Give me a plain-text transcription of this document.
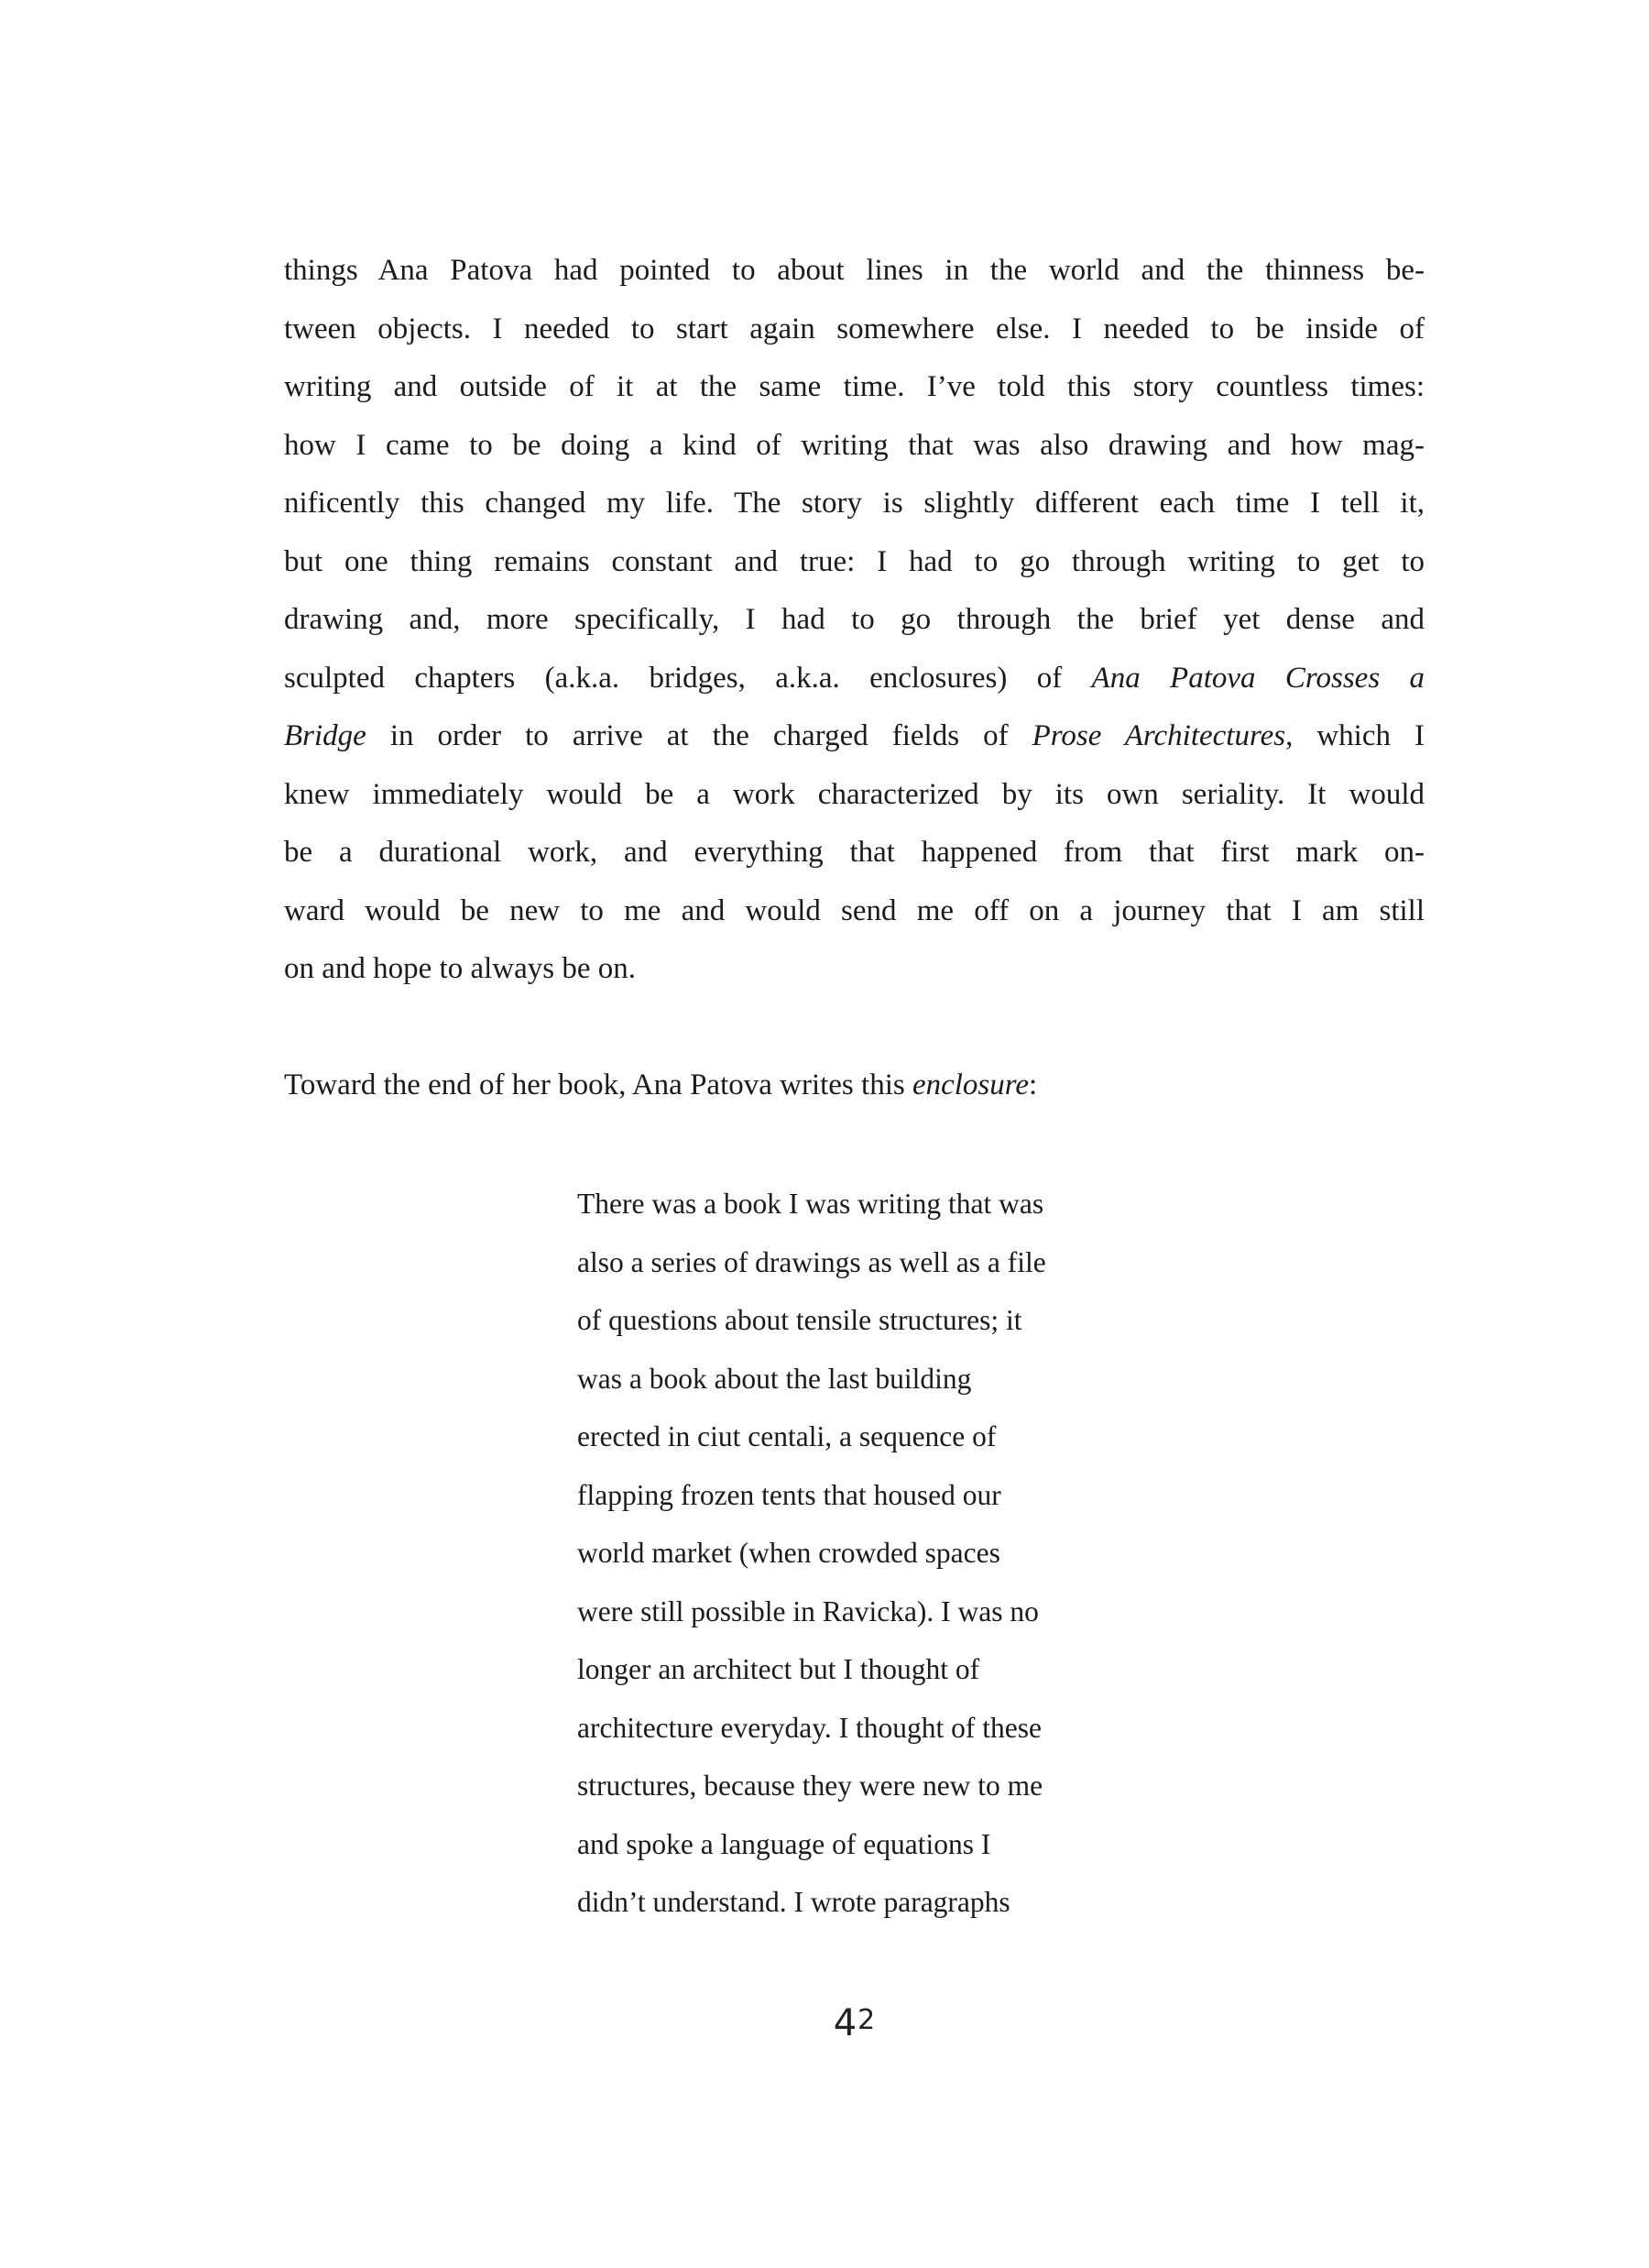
things Ana Patova had pointed to about lines in the world and the thinness be-
tween objects. I needed to start again somewhere else. I needed to be inside of
writing and outside of it at the same time. I’ve told this story countless times:
how I came to be doing a kind of writing that was also drawing and how mag-
nificently this changed my life. The story is slightly different each time I tell it,
but one thing remains constant and true: I had to go through writing to get to
drawing and, more specifically, I had to go through the brief yet dense and
sculpted chapters (a.k.a. bridges, a.k.a. enclosures) of Ana Patova Crosses a
Bridge in order to arrive at the charged fields of Prose Architectures, which I
knew immediately would be a work characterized by its own seriality. It would
be a durational work, and everything that happened from that first mark on-
ward would be new to me and would send me off on a journey that I am still
on and hope to always be on.
Toward the end of her book, Ana Patova writes this enclosure:
There was a book I was writing that was
also a series of drawings as well as a file
of questions about tensile structures; it
was a book about the last building
erected in ciut centali, a sequence of
flapping frozen tents that housed our
world market (when crowded spaces
were still possible in Ravicka). I was no
longer an architect but I thought of
architecture everyday. I thought of these
structures, because they were new to me
and spoke a language of equations I
didn’t understand. I wrote paragraphs
42
